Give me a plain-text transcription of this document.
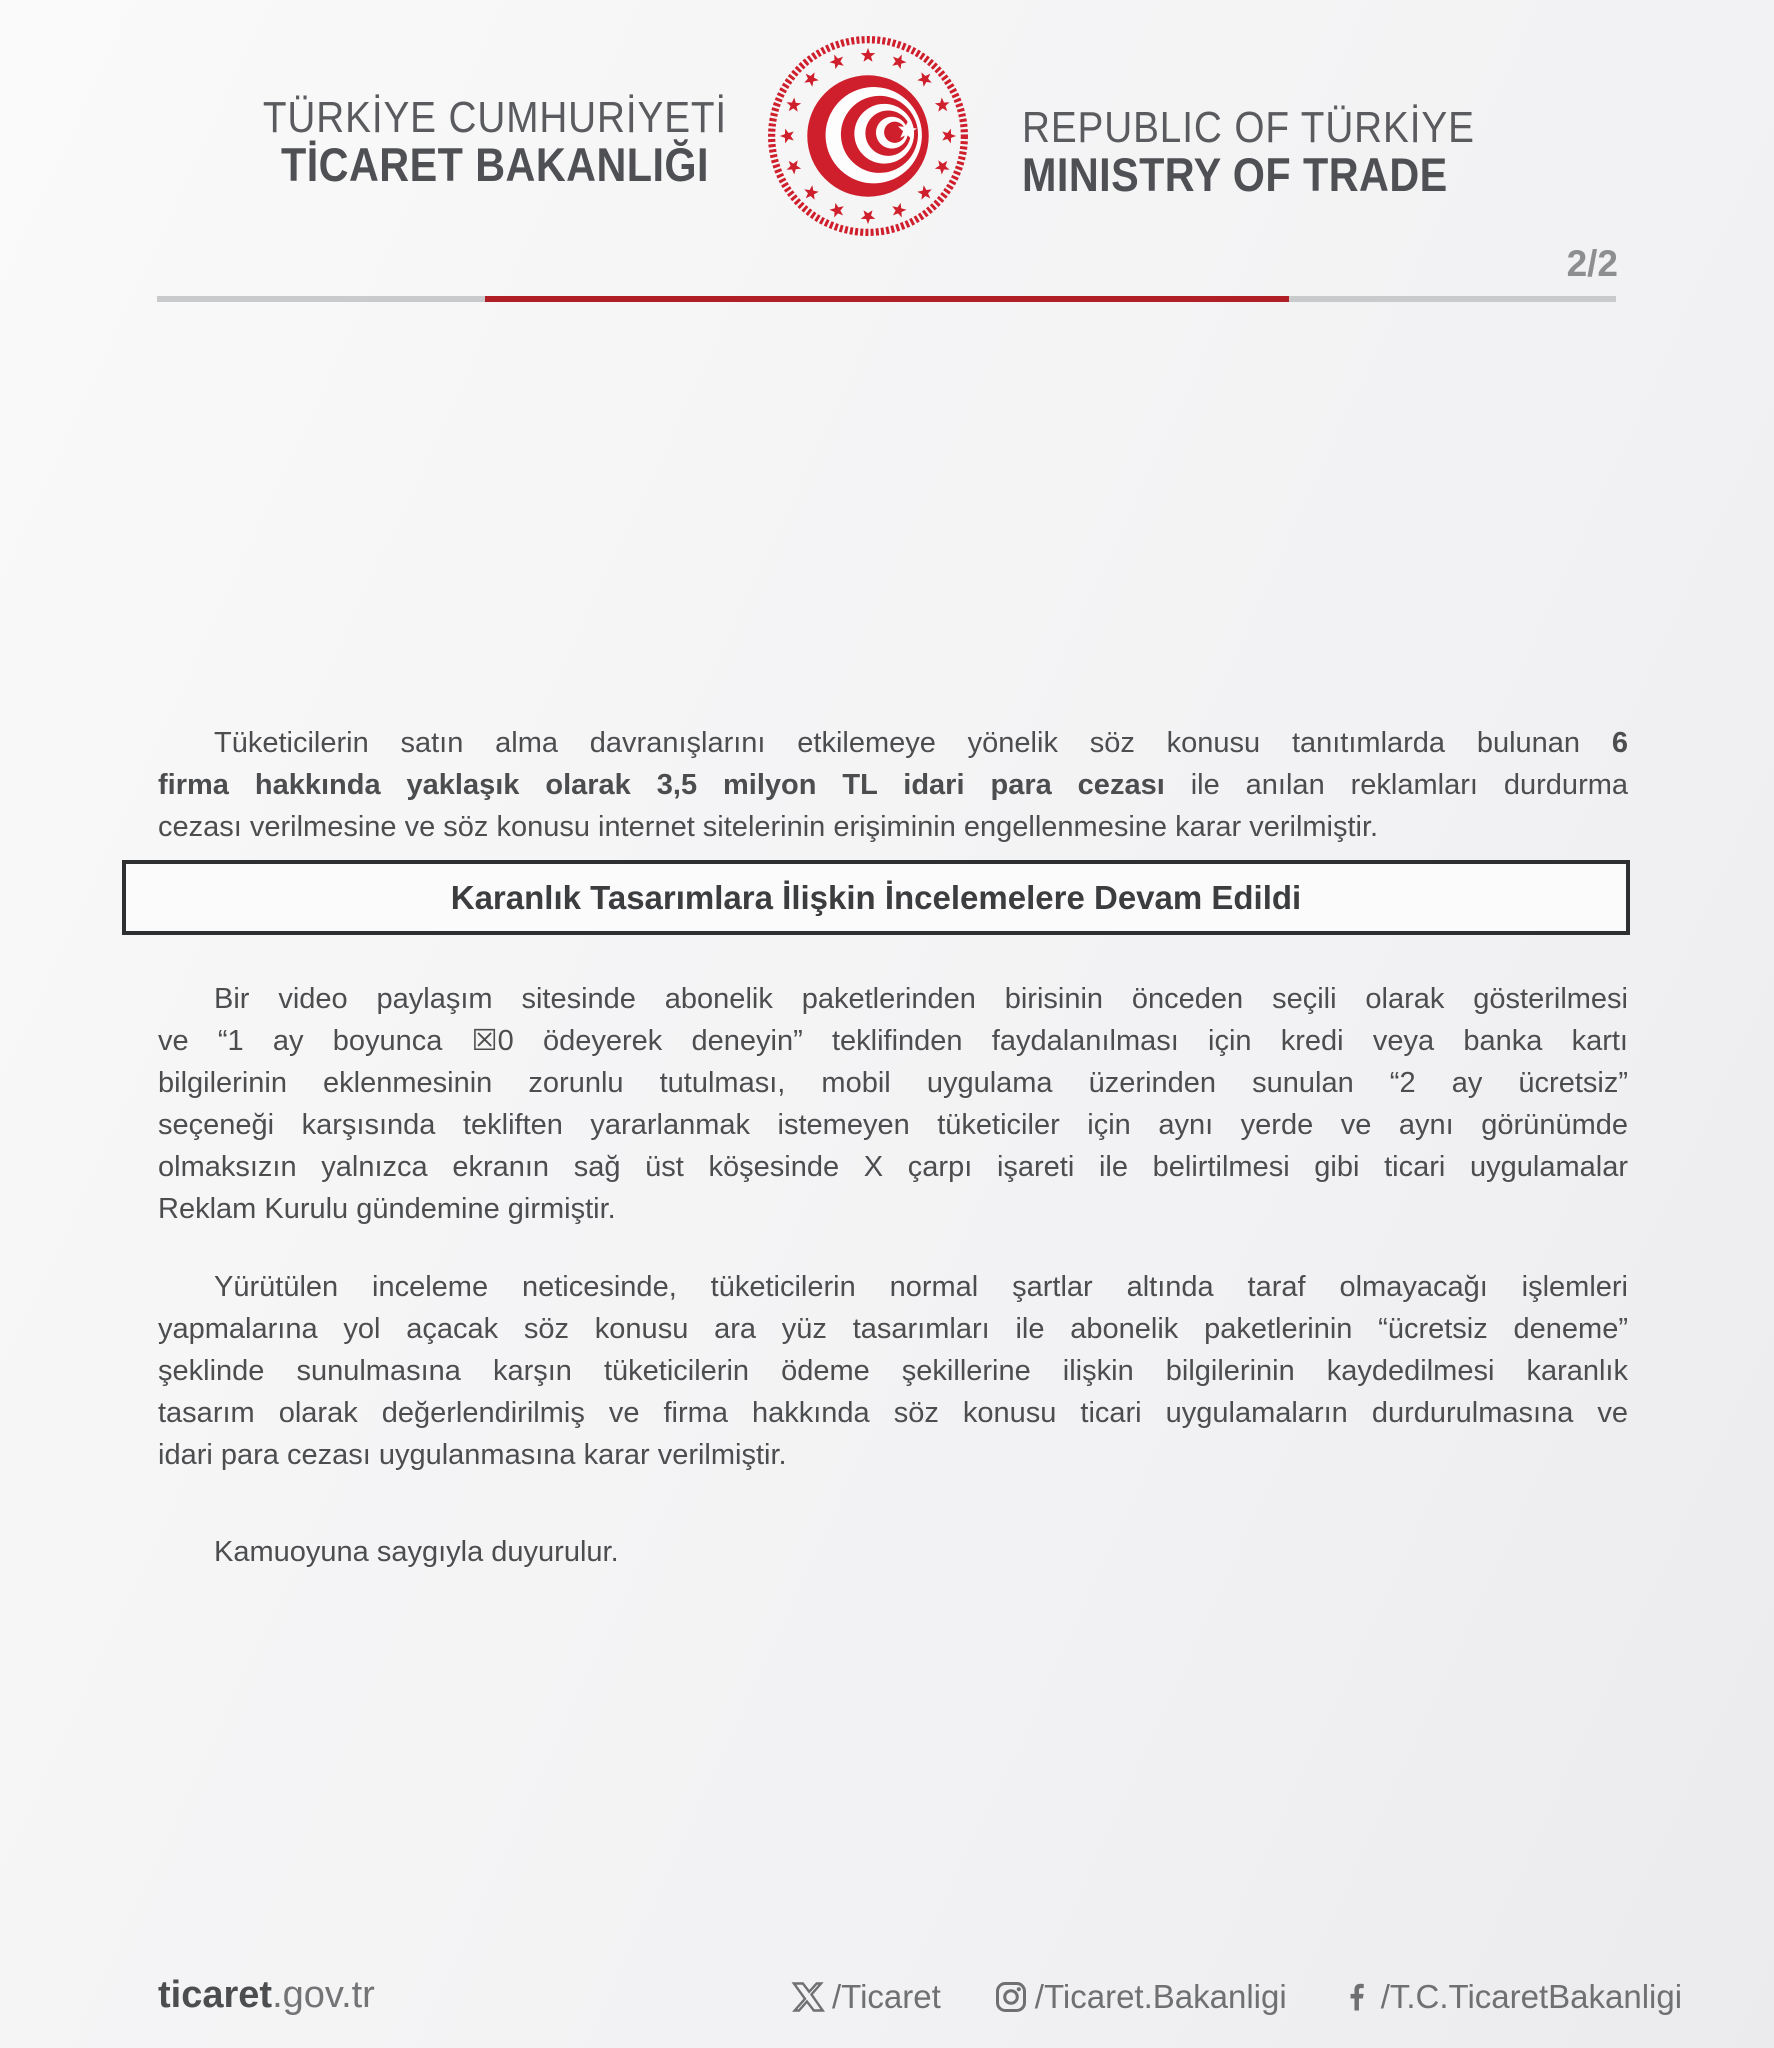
TÜRKİYE CUMHURİYETİ
TİCARET BAKANLIĞI
REPUBLIC OF TÜRKİYE
MINISTRY OF TRADE
2/2
Tüketicilerin satın alma davranışlarını etkilemeye yönelik söz konusu tanıtımlarda bulunan 6
firma hakkında yaklaşık olarak 3,5 milyon TL idari para cezası ile anılan reklamları durdurma
cezası verilmesine ve söz konusu internet sitelerinin erişiminin engellenmesine karar verilmiştir.
Karanlık Tasarımlara İlişkin İncelemelere Devam Edildi
Bir video paylaşım sitesinde abonelik paketlerinden birisinin önceden seçili olarak gösterilmesi
ve “1 ay boyunca ☒0 ödeyerek deneyin” teklifinden faydalanılması için kredi veya banka kartı
bilgilerinin eklenmesinin zorunlu tutulması, mobil uygulama üzerinden sunulan “2 ay ücretsiz”
seçeneği karşısında tekliften yararlanmak istemeyen tüketiciler için aynı yerde ve aynı görünümde
olmaksızın yalnızca ekranın sağ üst köşesinde X çarpı işareti ile belirtilmesi gibi ticari uygulamalar
Reklam Kurulu gündemine girmiştir.
Yürütülen inceleme neticesinde, tüketicilerin normal şartlar altında taraf olmayacağı işlemleri
yapmalarına yol açacak söz konusu ara yüz tasarımları ile abonelik paketlerinin “ücretsiz deneme”
şeklinde sunulmasına karşın tüketicilerin ödeme şekillerine ilişkin bilgilerinin kaydedilmesi karanlık
tasarım olarak değerlendirilmiş ve firma hakkında söz konusu ticari uygulamaların durdurulmasına ve
idari para cezası uygulanmasına karar verilmiştir.
Kamuoyuna saygıyla duyurulur.
ticaret.gov.tr	/Ticaret	/Ticaret.Bakanligi	/T.C.TicaretBakanligi
